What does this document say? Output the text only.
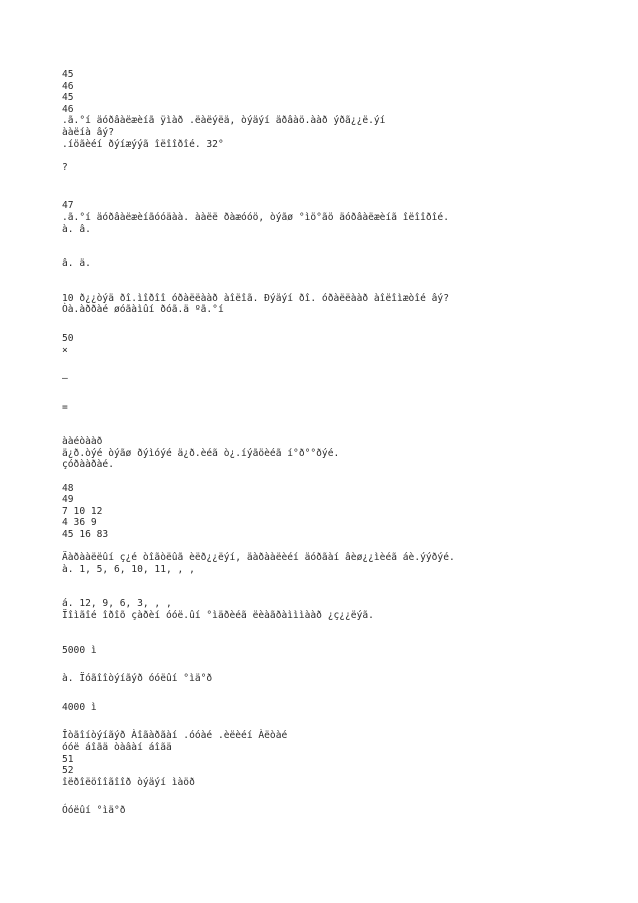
45
46
45
46
.ã.°í äóðâàëæèíã ÿìàð .ëàëýëä, òýäýí äðâàö.ààð ýðã¿¿ë.ýí
ààëíà âý?
.íöãèéí ðýíæýýã îëîîðîé. 32°
?
47
.ã.°í äóðâàëæèíãóóäàà. ààëë ðàæóóö, òýãø °ìö°ãö äóðâàëæèíã îëîîðîé.
à. â.
â. ä.
10 ð¿¿òýä ðî.ìîðîî óðàëëààð àîëîã. Ðýäýí ðî. óðàëëààð àîëîìæòîé âý?
Òà.àððàé øóãàìûí ðóã.ä ºã.°í
50
×
–
=
ààéòààð
ä¿ð.òýé òýãø ðýìóýé ä¿ð.èéã ò¿.íýãöèéã í°ð°°ðýé.
çóðààðàé.
48
49
7 10 12
4 36 9
45 16 83
Äàðààëëûí ç¿é òîãòëûã èëð¿¿ëýí, äàðààëèéí äóðãàí âèø¿¿ìèéã áè.ýýðýé.
à. 1, 5, 6, 10, 11, , ,
á. 12, 9, 6, 3, , ,
Ïîìãîé îðîõ çàðèí óóë.ûí °ìäðèéã ëèàãðàìììààð ¿ç¿¿ëýã.
5000 ì
à. Ïóãîîòýíãýð óóëûí °ìä°ð
4000 ì
Îòãîíòýíãýð Àîãàðãàí .óóàé .èëèéí Àëòàé
óóë áîãä òàâàí áîãä
51
52
îëðîëöîîãîîð òýäýí ìàöð
Óóëûí °ìä°ð
